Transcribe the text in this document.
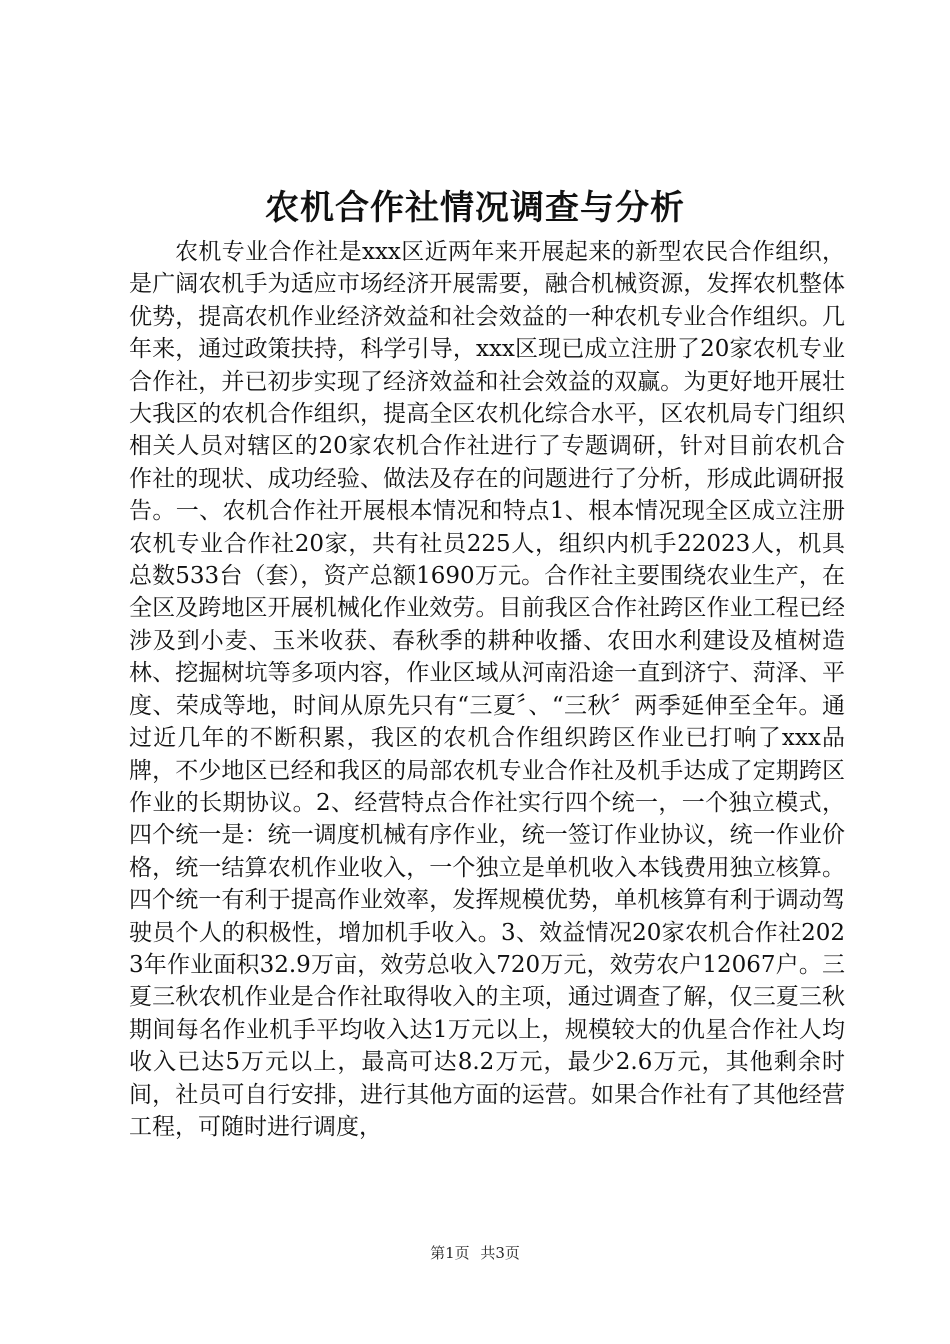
农机合作社情况调查与分析

农机专业合作社是xxx区近两年来开展起来的新型农民合作组织，是广阔农机手为适应市场经济开展需要，融合机械资源，发挥农机整体优势，提高农机作业经济效益和社会效益的一种农机专业合作组织。几年来，通过政策扶持，科学引导，xxx区现已成立注册了20家农机专业合作社，并已初步实现了经济效益和社会效益的双赢。为更好地开展壮大我区的农机合作组织，提高全区农机化综合水平，区农机局专门组织相关人员对辖区的20家农机合作社进行了专题调研，针对目前农机合作社的现状、成功经验、做法及存在的问题进行了分析，形成此调研报告。一、农机合作社开展根本情况和特点1、根本情况现全区成立注册农机专业合作社20家，共有社员225人，组织内机手22023人，机具总数533台（套），资产总额1690万元。合作社主要围绕农业生产，在全区及跨地区开展机械化作业效劳。目前我区合作社跨区作业工程已经涉及到小麦、玉米收获、春秋季的耕种收播、农田水利建设及植树造林、挖掘树坑等多项内容，作业区域从河南沿途一直到济宁、菏泽、平度、荣成等地，时间从原先只有“三夏〞、“三秋〞两季延伸至全年。通过近几年的不断积累，我区的农机合作组织跨区作业已打响了xxx品牌，不少地区已经和我区的局部农机专业合作社及机手达成了定期跨区作业的长期协议。2、经营特点合作社实行四个统一，一个独立模式，四个统一是：统一调度机械有序作业，统一签订作业协议，统一作业价格，统一结算农机作业收入，一个独立是单机收入本钱费用独立核算。四个统一有利于提高作业效率，发挥规模优势，单机核算有利于调动驾驶员个人的积极性，增加机手收入。3、效益情况20家农机合作社2023年作业面积32.9万亩，效劳总收入720万元，效劳农户12067户。三夏三秋农机作业是合作社取得收入的主项，通过调查了解，仅三夏三秋期间每名作业机手平均收入达1万元以上，规模较大的仇星合作社人均收入已达5万元以上，最高可达8.2万元，最少2.6万元，其他剩余时间，社员可自行安排，进行其他方面的运营。如果合作社有了其他经营工程，可随时进行调度，

第1页 共3页
